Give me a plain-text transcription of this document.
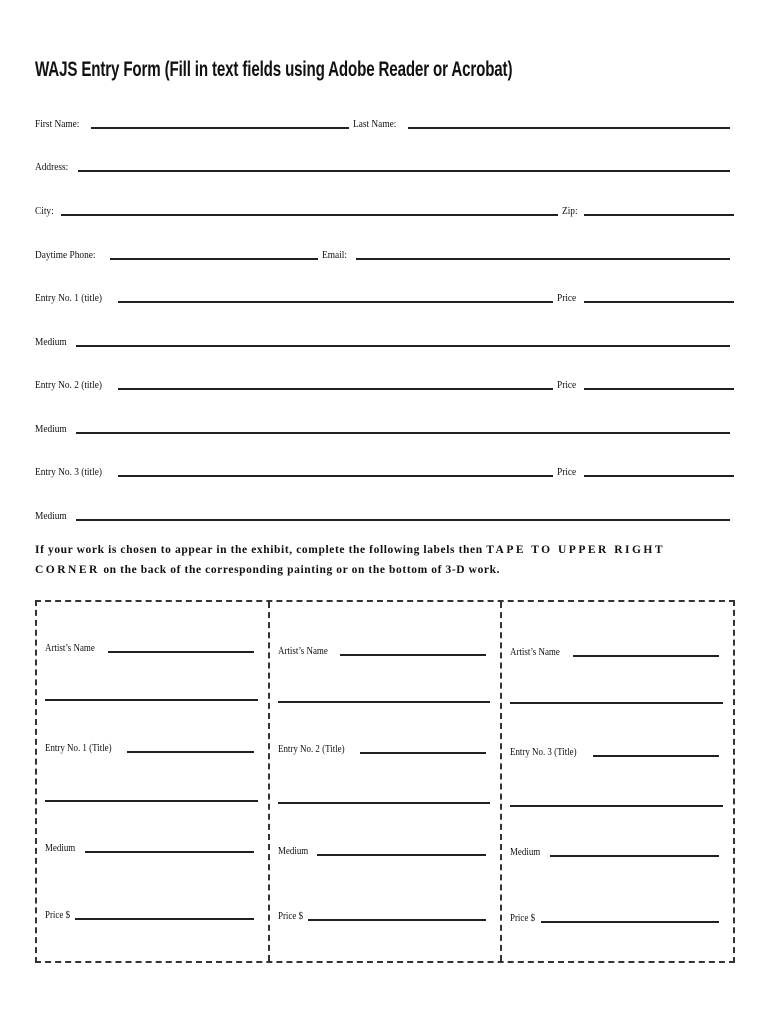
WAJS Entry Form (Fill in text fields using Adobe Reader or Acrobat)
First Name:	Last Name:
Address:
City:	Zip:
Daytime Phone:	Email:
Entry No. 1 (title)	Price
Medium
Entry No. 2 (title)	Price
Medium
Entry No. 3 (title)	Price
Medium
If your work is chosen to appear in the exhibit, complete the following labels then TAPE TO UPPER RIGHT CORNER on the back of the corresponding painting or on the bottom of 3-D work.
Artist’s Name
Entry No. 1 (Title)
Medium
Price $
Artist’s Name
Entry No. 2 (Title)
Medium
Price $
Artist’s Name
Entry No. 3 (Title)
Medium
Price $
